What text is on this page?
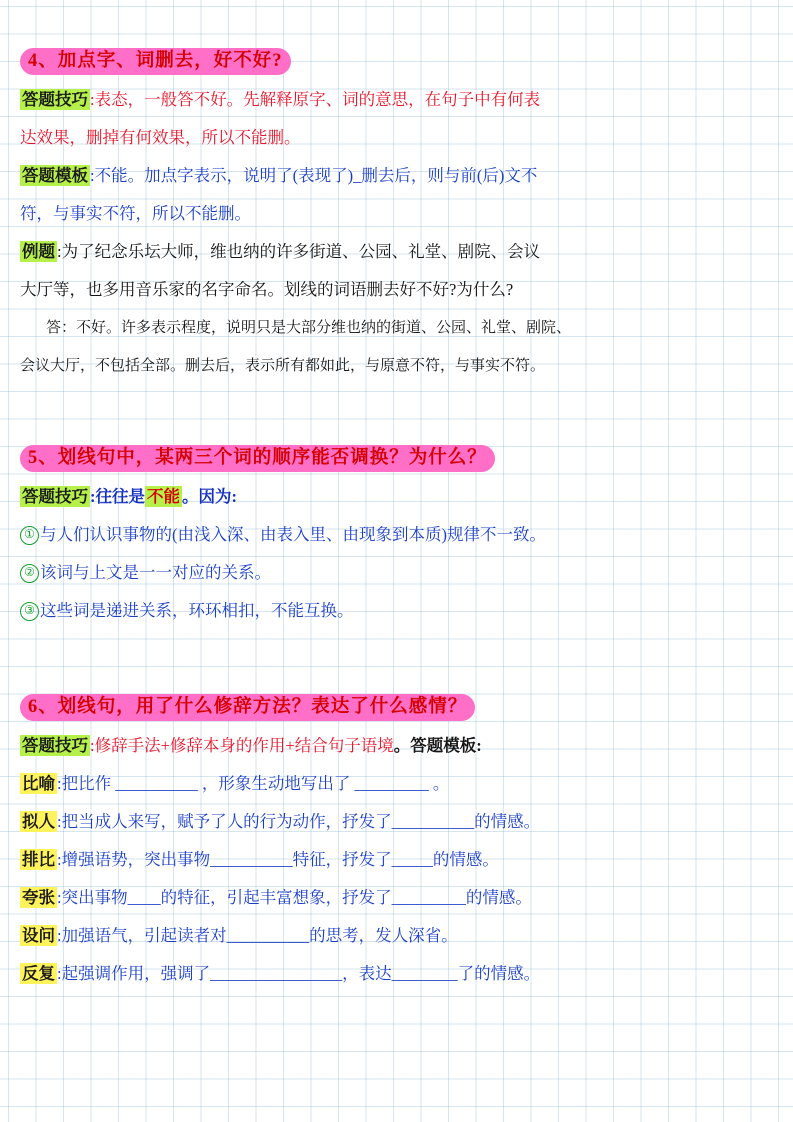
4、加点字、词删去，好不好?
答题技巧 :表态，一般答不好。先解释原字、词的意思，在句子中有何表
达效果，删掉有何效果，所以不能删。
答题模板 :不能。加点字表示，说明了(表现了)_删去后，则与前(后)文不
符，与事实不符，所以不能删。
例题 :为了纪念乐坛大师，维也纳的许多街道、公园、礼堂、剧院、会议
大厅等，也多用音乐家的名字命名。划线的词语删去好不好?为什么?
答：不好。许多表示程度，说明只是大部分维也纳的街道、公园、礼堂、剧院、
会议大厅，不包括全部。删去后，表示所有都如此，与原意不符，与事实不符。
5、划线句中，某两三个词的顺序能否调换？为什么？
答题技巧 :往往是 不能 。因为:
① 与人们认识事物的(由浅入深、由表入里、由现象到本质)规律不一致。
② 该词与上文是一一对应的关系。
③ 这些词是递进关系，环环相扣，不能互换。
6、划线句，用了什么修辞方法？表达了什么感情？
答题技巧 :修辞手法+修辞本身的作用+结合句子语境。答题模板:
比喻 :把比作 __________ ，形象生动地写出了 _________ 。
拟人 :把当成人来写，赋予了人的行为动作，抒发了__________的情感。
排比 :增强语势，突出事物__________特征，抒发了_____的情感。
夸张 :突出事物____的特征，引起丰富想象，抒发了_________的情感。
设问 :加强语气，引起读者对__________的思考，发人深省。
反复 :起强调作用，强调了________________，表达________了的情感。
